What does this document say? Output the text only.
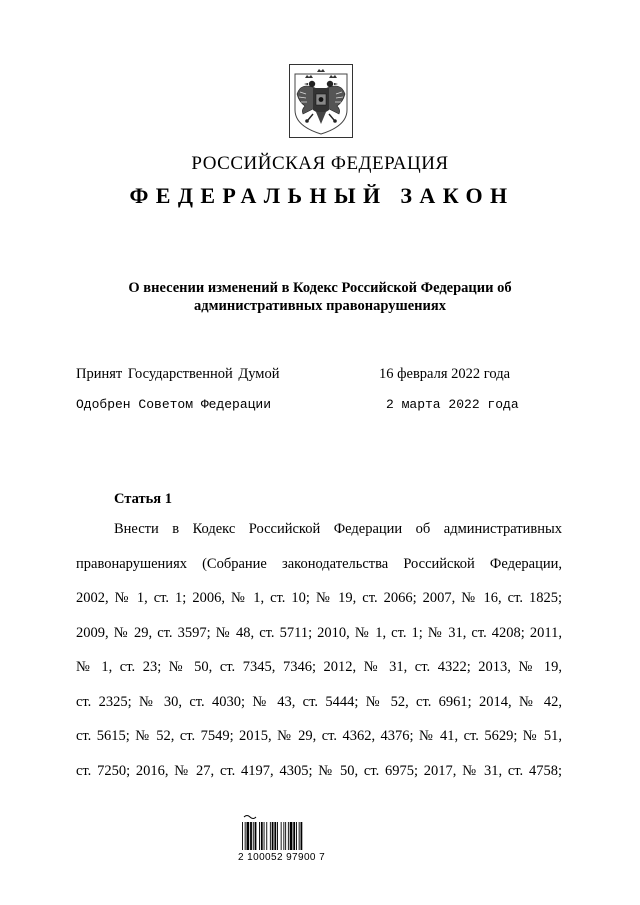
РОССИЙСКАЯ ФЕДЕРАЦИЯ
ФЕДЕРАЛЬНЫЙ ЗАКОН
О внесении изменений в Кодекс Российской Федерации об
административных правонарушениях
Принят Государственной Думой	16 февраля 2022 года
Одобрен Советом Федерации	2 марта 2022 года
Статья 1
Внести в Кодекс Российской Федерации об административных
правонарушениях (Собрание законодательства Российской Федерации,
2002, № 1, ст. 1; 2006, № 1, ст. 10; № 19, ст. 2066; 2007, № 16, ст. 1825;
2009, № 29, ст. 3597; № 48, ст. 5711; 2010, № 1, ст. 1; № 31, ст. 4208; 2011,
№ 1, ст. 23; № 50, ст. 7345, 7346; 2012, № 31, ст. 4322; 2013, № 19,
ст. 2325; № 30, ст. 4030; № 43, ст. 5444; № 52, ст. 6961; 2014, № 42,
ст. 5615; № 52, ст. 7549; 2015, № 29, ст. 4362, 4376; № 41, ст. 5629; № 51,
ст. 7250; 2016, № 27, ст. 4197, 4305; № 50, ст. 6975; 2017, № 31, ст. 4758;
2 100052 97900 7
